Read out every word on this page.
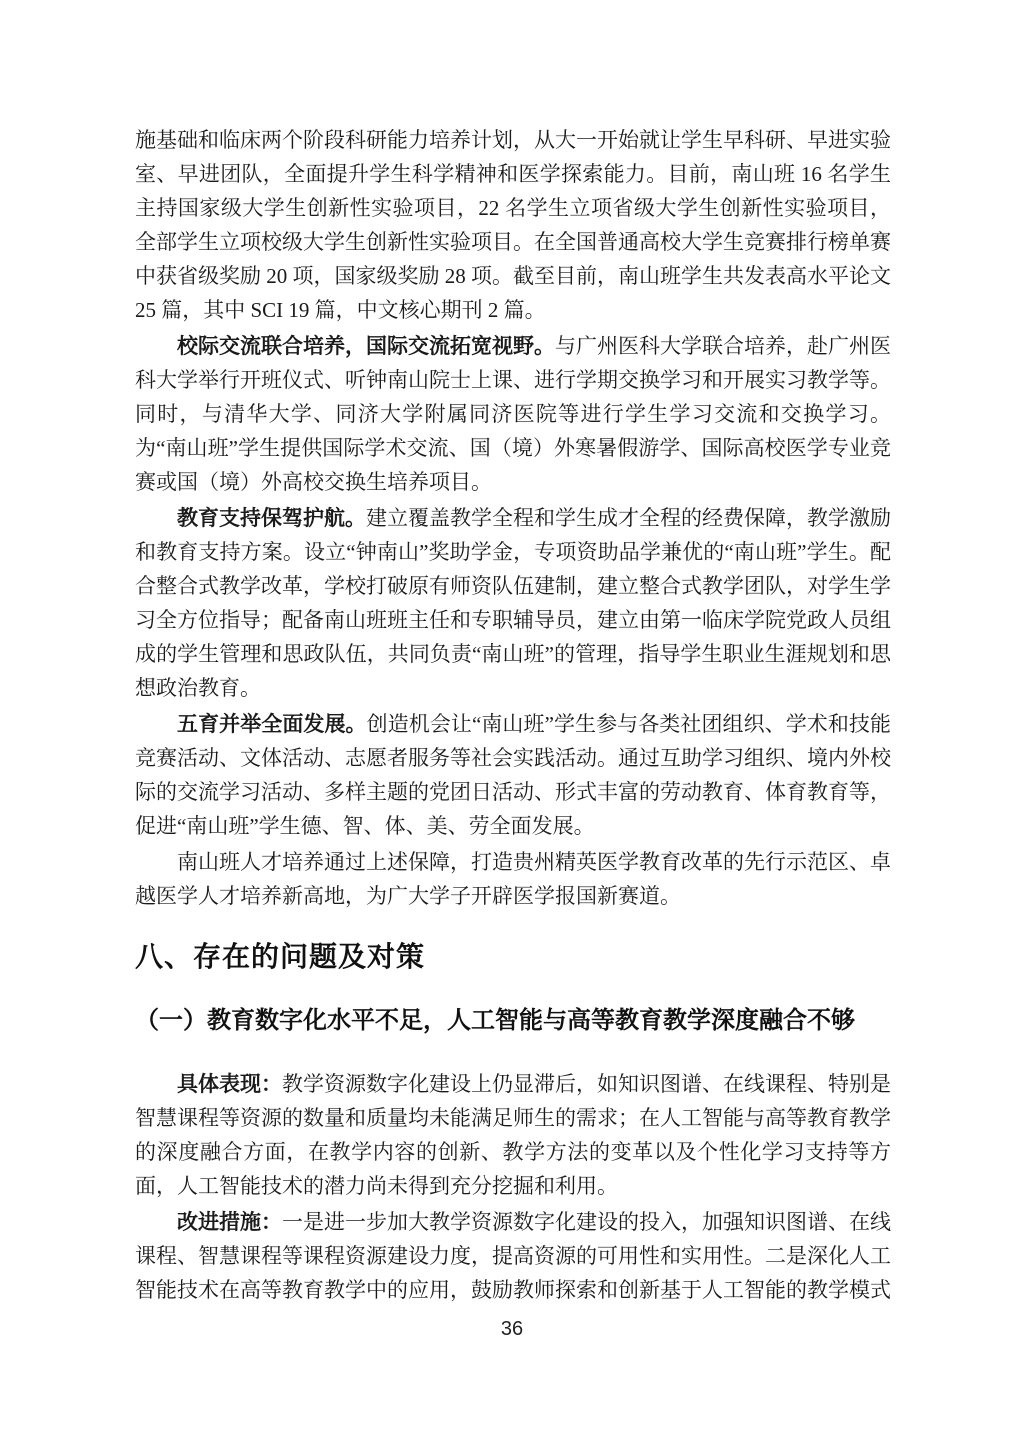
施基础和临床两个阶段科研能力培养计划，从大一开始就让学生早科研、早进实验室、早进团队，全面提升学生科学精神和医学探索能力。目前，南山班 16 名学生主持国家级大学生创新性实验项目，22 名学生立项省级大学生创新性实验项目，全部学生立项校级大学生创新性实验项目。在全国普通高校大学生竞赛排行榜单赛中获省级奖励 20 项，国家级奖励 28 项。截至目前，南山班学生共发表高水平论文 25 篇，其中 SCI 19 篇，中文核心期刊 2 篇。

校际交流联合培养，国际交流拓宽视野。与广州医科大学联合培养，赴广州医科大学举行开班仪式、听钟南山院士上课、进行学期交换学习和开展实习教学等。同时，与清华大学、同济大学附属同济医院等进行学生学习交流和交换学习。为“南山班”学生提供国际学术交流、国（境）外寒暑假游学、国际高校医学专业竞赛或国（境）外高校交换生培养项目。

教育支持保驾护航。建立覆盖教学全程和学生成才全程的经费保障，教学激励和教育支持方案。设立“钟南山”奖助学金，专项资助品学兼优的“南山班”学生。配合整合式教学改革，学校打破原有师资队伍建制，建立整合式教学团队，对学生学习全方位指导；配备南山班班主任和专职辅导员，建立由第一临床学院党政人员组成的学生管理和思政队伍，共同负责“南山班”的管理，指导学生职业生涯规划和思想政治教育。

五育并举全面发展。创造机会让“南山班”学生参与各类社团组织、学术和技能竞赛活动、文体活动、志愿者服务等社会实践活动。通过互助学习组织、境内外校际的交流学习活动、多样主题的党团日活动、形式丰富的劳动教育、体育教育等，促进“南山班”学生德、智、体、美、劳全面发展。

南山班人才培养通过上述保障，打造贵州精英医学教育改革的先行示范区、卓越医学人才培养新高地，为广大学子开辟医学报国新赛道。

八、存在的问题及对策
（一）教育数字化水平不足，人工智能与高等教育教学深度融合不够

具体表现：教学资源数字化建设上仍显滞后，如知识图谱、在线课程、特别是智慧课程等资源的数量和质量均未能满足师生的需求；在人工智能与高等教育教学的深度融合方面，在教学内容的创新、教学方法的变革以及个性化学习支持等方面，人工智能技术的潜力尚未得到充分挖掘和利用。

改进措施：一是进一步加大教学资源数字化建设的投入，加强知识图谱、在线课程、智慧课程等课程资源建设力度，提高资源的可用性和实用性。二是深化人工智能技术在高等教育教学中的应用，鼓励教师探索和创新基于人工智能的教学模式

36
